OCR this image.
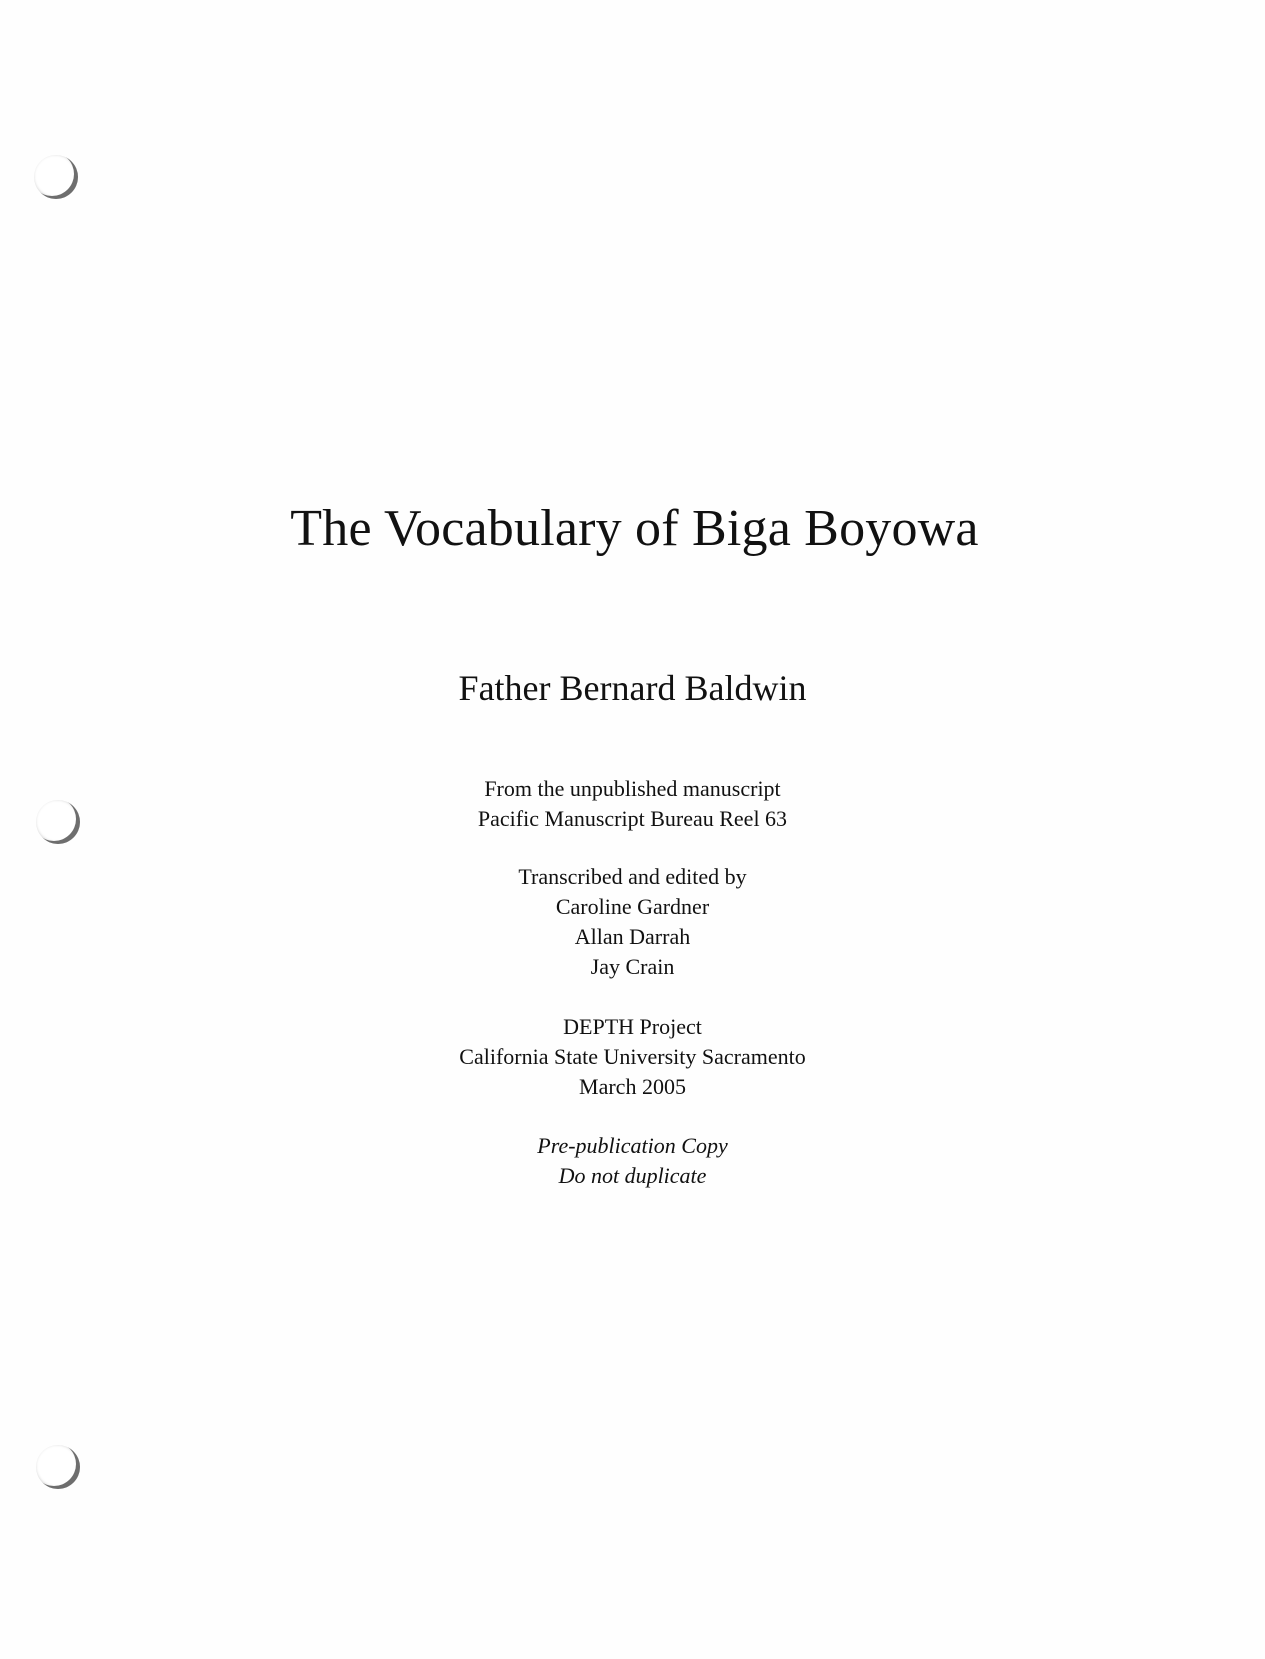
The Vocabulary of Biga Boyowa
Father Bernard Baldwin
From the unpublished manuscript
Pacific Manuscript Bureau Reel 63
Transcribed and edited by
Caroline Gardner
Allan Darrah
Jay Crain
DEPTH Project
California State University Sacramento
March 2005
Pre-publication Copy
Do not duplicate
